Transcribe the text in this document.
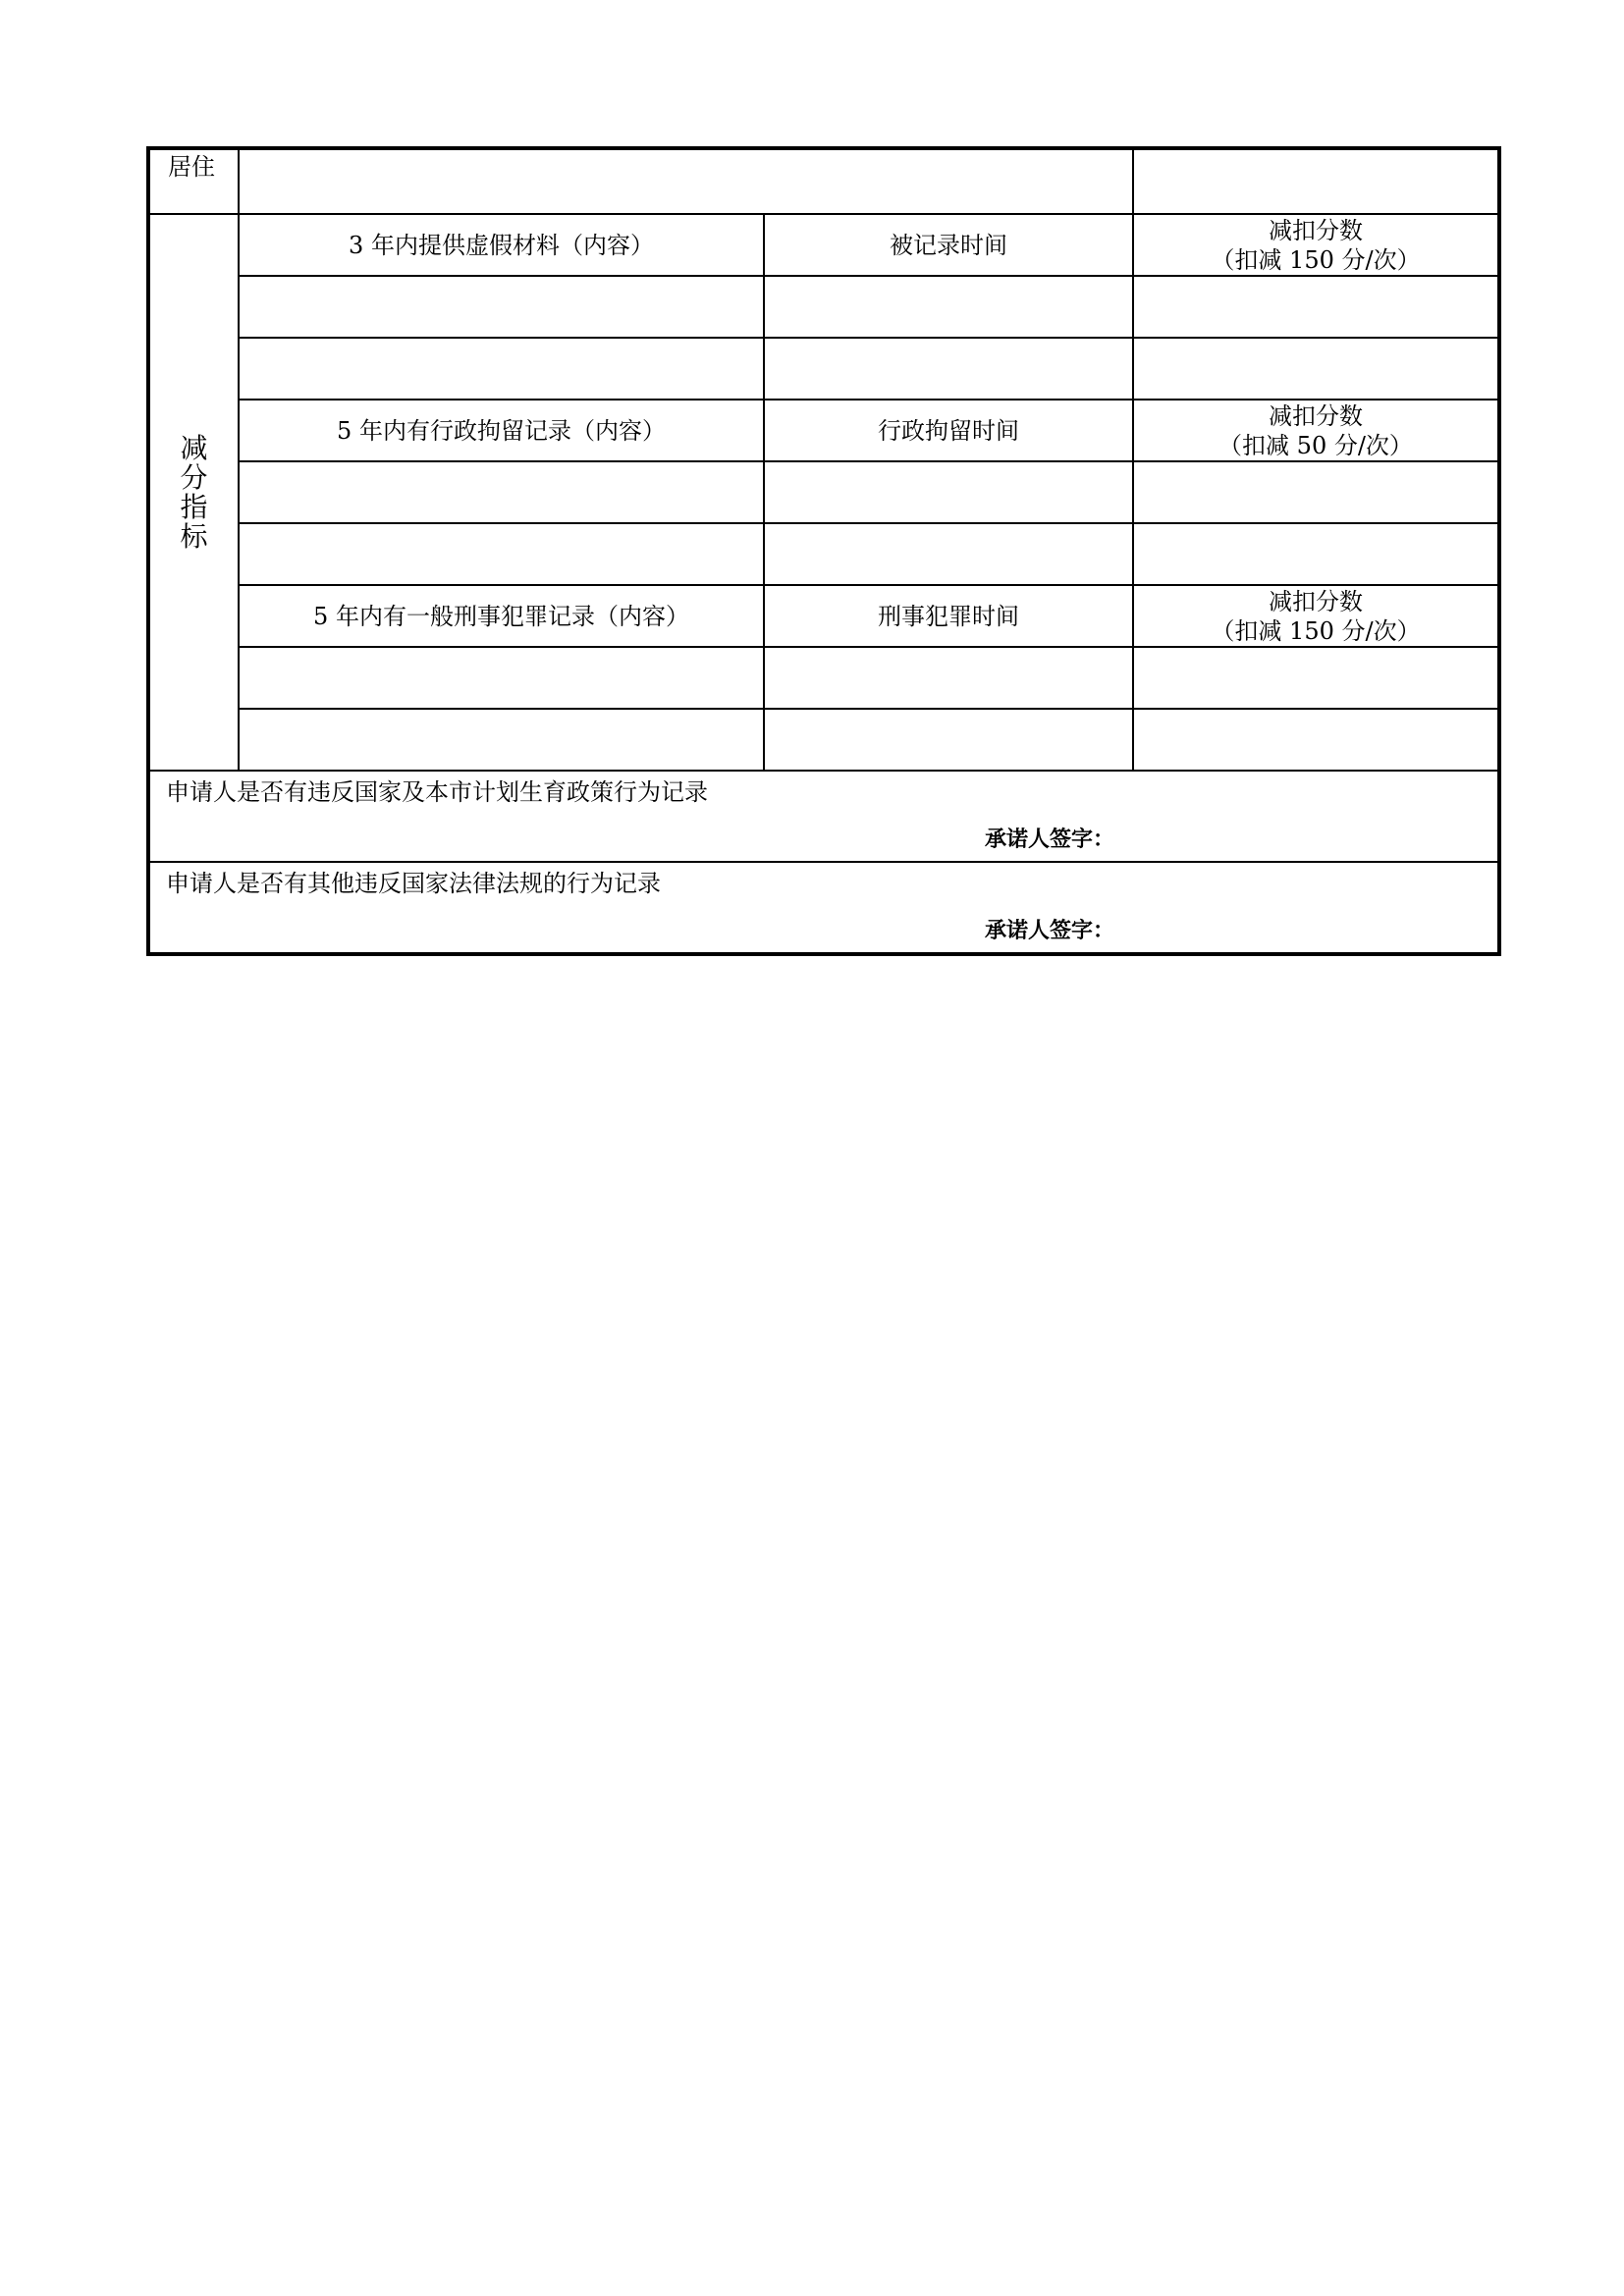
居住			

减
分
指
标	3 年内提供虚假材料（内容）	被记录时间	减扣分数
（扣减 150 分/次）

	5 年内有行政拘留记录（内容）	行政拘留时间	减扣分数
（扣减 50 分/次）

	5 年内有一般刑事犯罪记录（内容）	刑事犯罪时间	减扣分数
（扣减 150 分/次）

申请人是否有违反国家及本市计划生育政策行为记录
承诺人签字：			

申请人是否有其他违反国家法律法规的行为记录
承诺人签字：			
